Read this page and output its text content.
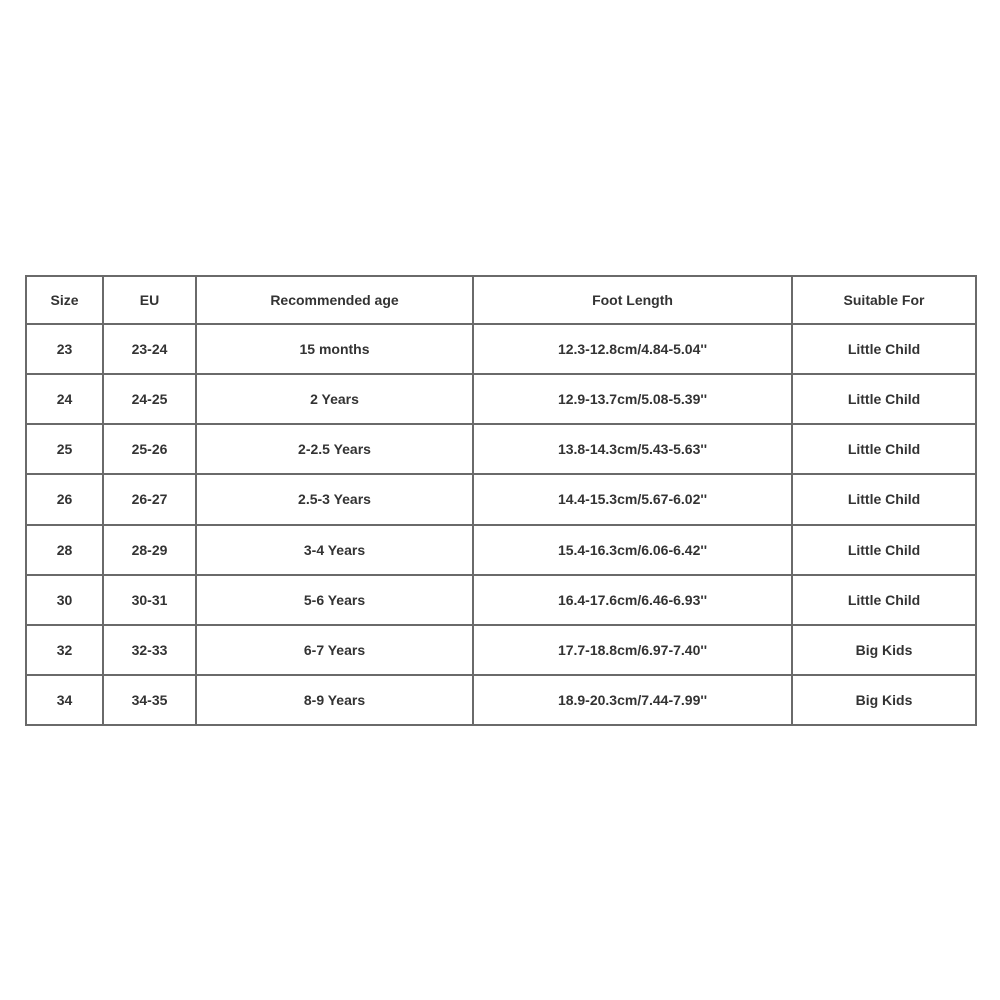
Size	EU	Recommended age	Foot Length	Suitable For
23	23-24	15 months	12.3-12.8cm/4.84-5.04''	Little Child
24	24-25	2 Years	12.9-13.7cm/5.08-5.39''	Little Child
25	25-26	2-2.5 Years	13.8-14.3cm/5.43-5.63''	Little Child
26	26-27	2.5-3 Years	14.4-15.3cm/5.67-6.02''	Little Child
28	28-29	3-4 Years	15.4-16.3cm/6.06-6.42''	Little Child
30	30-31	5-6 Years	16.4-17.6cm/6.46-6.93''	Little Child
32	32-33	6-7 Years	17.7-18.8cm/6.97-7.40''	Big Kids
34	34-35	8-9 Years	18.9-20.3cm/7.44-7.99''	Big Kids
